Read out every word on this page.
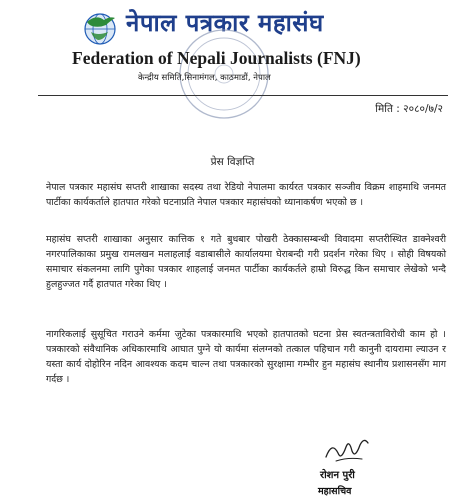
नेपाल पत्रकार महासंघ
Federation of Nepali Journalists (FNJ)
केन्द्रीय समिति,सिनामंगल, काठमाडौं, नेपाल
मिति : २०८०/७/२
प्रेस विज्ञप्ति

नेपाल पत्रकार महासंघ सप्तरी शाखाका सदस्य तथा रेडियो नेपालमा कार्यरत पत्रकार सञ्जीव विक्रम शाहमाथि जनमत पार्टीका कार्यकर्ताले हातपात गरेको घटनाप्रति नेपाल पत्रकार महासंघको ध्यानाकर्षण भएको छ ।

महासंघ सप्तरी शाखाका अनुसार कात्तिक १ गते बुधबार पोखरी ठेक्कासम्बन्धी विवादमा सप्तरीस्थित डाक्नेश्वरी नगरपालिकाका प्रमुख रामलखन मलाहलाई वडाबासीले कार्यालयमा घेराबन्दी गरी प्रदर्शन गरेका थिए । सोही विषयको समाचार संकलनमा लागि पुगेका पत्रकार शाहलाई जनमत पार्टीका कार्यकर्तले हाम्रो विरुद्ध किन समाचार लेखेको भन्दै हुलहुज्जत गर्दै हातपात गरेका थिए ।

नागरिकलाई सुसूचित गराउने कर्ममा जुटेका पत्रकारमाथि भएको हातपातको घटना प्रेस स्वतन्त्रताविरोधी काम हो । पत्रकारको संवैधानिक अधिकारमाथि आघात पुग्ने यो कार्यमा संलग्नको तत्काल पहिचान गरी कानुनी दायरामा ल्याउन र यस्ता कार्य दोहोरिन नदिन आवश्यक कदम चाल्न तथा पत्रकारको सुरक्षामा गम्भीर हुन महासंघ स्थानीय प्रशासनसँग माग गर्दछ ।

रोशन पुरी
महासचिव
